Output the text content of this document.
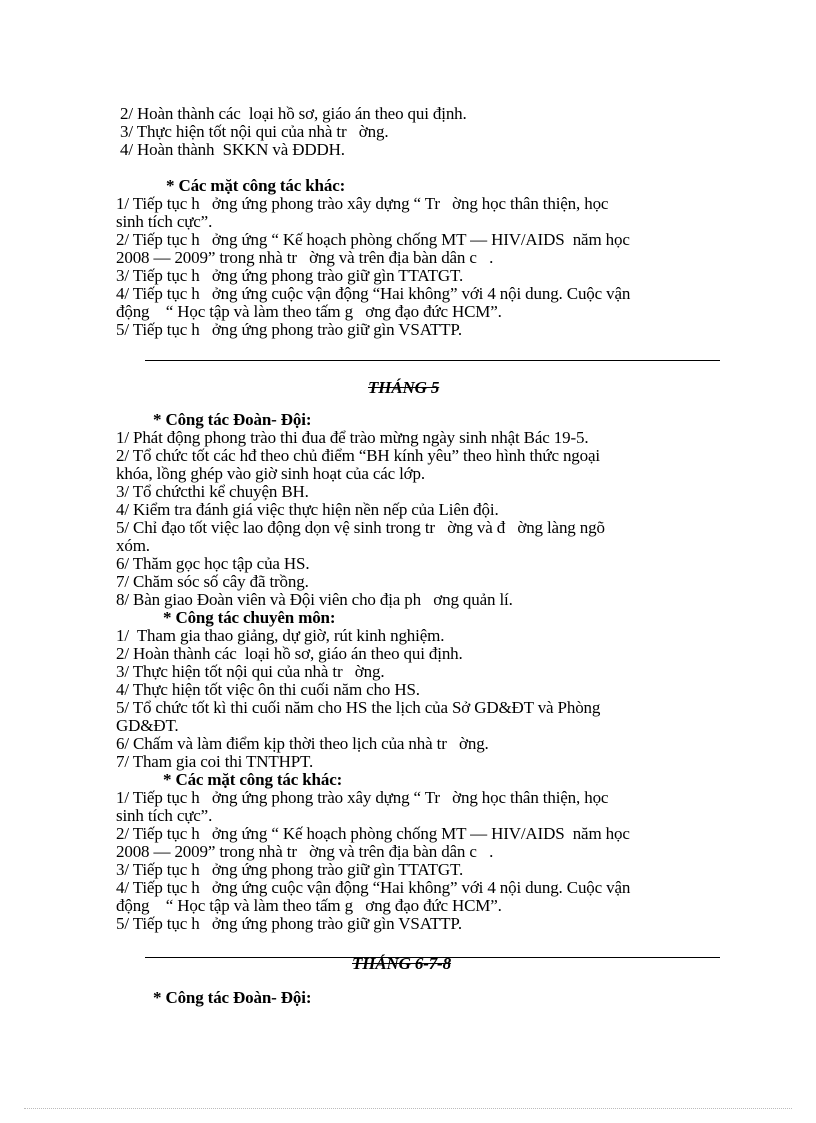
2/ Hoàn thành các  loại hồ sơ, giáo án theo qui định.
3/ Thực hiện tốt nội qui của nhà tr   ờng.
4/ Hoàn thành  SKKN và ĐDDH.
* Các mặt công tác khác:
1/ Tiếp tục h   ởng ứng phong trào xây dựng “ Tr   ờng học thân thiện, học
sinh tích cực”.
2/ Tiếp tục h   ởng ứng “ Kế hoạch phòng chống MT — HIV/AIDS  năm học
2008 — 2009” trong nhà tr   ờng và trên địa bàn dân c   .
3/ Tiếp tục h   ởng ứng phong trào giữ gìn TTATGT.
4/ Tiếp tục h   ởng ứng cuộc vận động “Hai không” với 4 nội dung. Cuộc vận
động    “ Học tập và làm theo tấm g   ơng đạo đức HCM”.
5/ Tiếp tục h   ởng ứng phong trào giữ gìn VSATTP.
THÁNG 5
* Công tác Đoàn- Đội:
1/ Phát động phong trào thi đua để trào mừng ngày sinh nhật Bác 19-5.
2/ Tổ chức tốt các hđ theo chủ điểm “BH kính yêu” theo hình thức ngoại
khóa, lồng ghép vào giờ sinh hoạt của các lớp.
3/ Tổ chứcthi kể chuyện BH.
4/ Kiểm tra đánh giá việc thực hiện nền nếp của Liên đội.
5/ Chỉ đạo tốt việc lao động dọn vệ sinh trong tr   ờng và đ   ờng làng ngõ
xóm.
6/ Thăm gọc học tập của HS.
7/ Chăm sóc số cây đã trồng.
8/ Bàn giao Đoàn viên và Đội viên cho địa ph   ơng quản lí.
* Công tác chuyên môn:
1/  Tham gia thao giảng, dự giờ, rút kinh nghiệm.
2/ Hoàn thành các  loại hồ sơ, giáo án theo qui định.
3/ Thực hiện tốt nội qui của nhà tr   ờng.
4/ Thực hiện tốt việc ôn thi cuối năm cho HS.
5/ Tổ chức tốt kì thi cuối năm cho HS the lịch của Sở GD&ĐT và Phòng
GD&ĐT.
6/ Chấm và làm điểm kịp thời theo lịch của nhà tr   ờng.
7/ Tham gia coi thi TNTHPT.
* Các mặt công tác khác:
1/ Tiếp tục h   ởng ứng phong trào xây dựng “ Tr   ờng học thân thiện, học
sinh tích cực”.
2/ Tiếp tục h   ởng ứng “ Kế hoạch phòng chống MT — HIV/AIDS  năm học
2008 — 2009” trong nhà tr   ờng và trên địa bàn dân c   .
3/ Tiếp tục h   ởng ứng phong trào giữ gìn TTATGT.
4/ Tiếp tục h   ởng ứng cuộc vận động “Hai không” với 4 nội dung. Cuộc vận
động    “ Học tập và làm theo tấm g   ơng đạo đức HCM”.
5/ Tiếp tục h   ởng ứng phong trào giữ gìn VSATTP.
THÁNG 6-7-8
* Công tác Đoàn- Đội:
